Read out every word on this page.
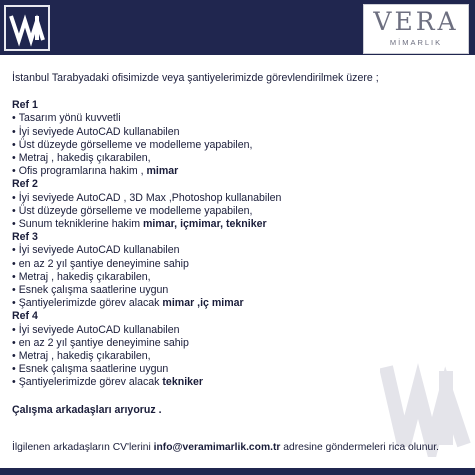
VERA
MİMARLIK

İstanbul Tarabyadaki ofisimizde veya şantiyelerimizde görevlendirilmek üzere ;

Ref 1

• Tasarım yönü kuvvetli
• İyi seviyede AutoCAD kullanabilen
• Üst düzeyde görselleme ve modelleme yapabilen,
• Metraj , hakediş çıkarabilen,
• Ofis programlarına hakim , mimar

Ref 2

• İyi seviyede AutoCAD , 3D Max ,Photoshop kullanabilen
• Üst düzeyde görselleme ve modelleme yapabilen,
• Sunum tekniklerine hakim mimar, içmimar, tekniker

Ref 3

• İyi seviyede AutoCAD kullanabilen
• en az 2 yıl şantiye deneyimine sahip
• Metraj , hakediş çıkarabilen,
• Esnek çalışma saatlerine uygun
• Şantiyelerimizde görev alacak mimar ,iç mimar

Ref 4

• İyi seviyede AutoCAD kullanabilen
• en az 2 yıl şantiye deneyimine sahip
• Metraj , hakediş çıkarabilen,
• Esnek çalışma saatlerine uygun
• Şantiyelerimizde görev alacak tekniker

Çalışma arkadaşları arıyoruz .

İlgilenen arkadaşların CV'lerini info@veramimarlik.com.tr adresine göndermeleri rica olunur.
